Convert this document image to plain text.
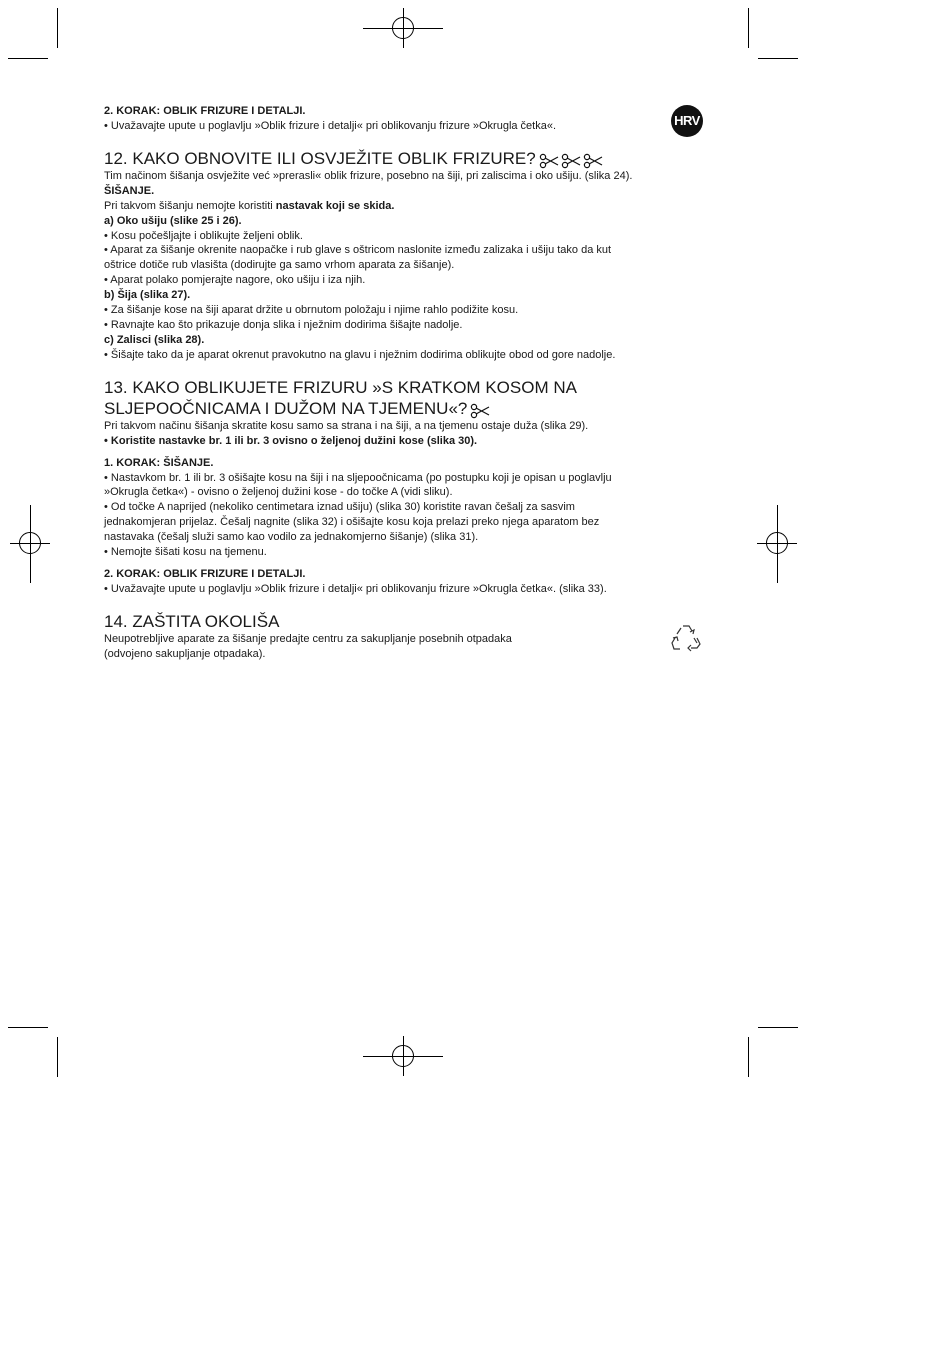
HRV

2. KORAK: OBLIK FRIZURE I DETALJI.

• Uvažavajte upute u poglavlju »Oblik frizure i detalji« pri oblikovanju frizure »Okrugla četka«.

12. KAKO OBNOVITE ILI OSVJEŽITE OBLIK FRIZURE?

Tim načinom šišanja osvježite već »prerasli« oblik frizure, posebno na šiji, pri zaliscima i oko ušiju. (slika 24).

ŠIŠANJE.

Pri takvom šišanju nemojte koristiti nastavak koji se skida.

a) Oko ušiju (slike 25 i 26).

• Kosu počešljajte i oblikujte željeni oblik.

• Aparat za šišanje okrenite naopačke i rub glave s oštricom naslonite između zalizaka i ušiju tako da kut

oštrice dotiče rub vlasišta (dodirujte ga samo vrhom aparata za šišanje).

• Aparat polako pomjerajte nagore, oko ušiju i iza njih.

b) Šija (slika 27).

• Za šišanje kose na šiji aparat držite u obrnutom položaju i njime rahlo podižite kosu.

• Ravnajte kao što prikazuje donja slika i nježnim dodirima šišajte nadolje.

c) Zalisci (slika 28).

• Šišajte tako da je aparat okrenut pravokutno na glavu i nježnim dodirima oblikujte obod od gore nadolje.

13. KAKO OBLIKUJETE FRIZURU »S KRATKOM KOSOM NA
SLJEPOOČNICAMA I DUŽOM NA TJEMENU«?

Pri takvom načinu šišanja skratite kosu samo sa strana i na šiji, a na tjemenu ostaje duža (slika 29).

• Koristite nastavke br. 1 ili br. 3 ovisno o željenoj dužini kose (slika 30).

1. KORAK: ŠIŠANJE.

• Nastavkom br. 1 ili br. 3 ošišajte kosu na šiji i na sljepoočnicama (po postupku koji je opisan u poglavlju

»Okrugla četka«) - ovisno o željenoj dužini kose - do točke A (vidi sliku).

• Od točke A naprijed (nekoliko centimetara iznad ušiju) (slika 30) koristite ravan češalj za sasvim

jednakomjeran prijelaz. Češalj nagnite (slika 32) i ošišajte kosu koja prelazi preko njega aparatom bez

nastavaka (češalj služi samo kao vodilo za jednakomjerno šišanje) (slika 31).

• Nemojte šišati kosu na tjemenu.

2. KORAK: OBLIK FRIZURE I DETALJI.

• Uvažavajte upute u poglavlju »Oblik frizure i detalji« pri oblikovanju frizure »Okrugla četka«. (slika 33).

14. ZAŠTITA OKOLIŠA

Neupotrebljive aparate za šišanje predajte centru za sakupljanje posebnih otpadaka

(odvojeno sakupljanje otpadaka).
